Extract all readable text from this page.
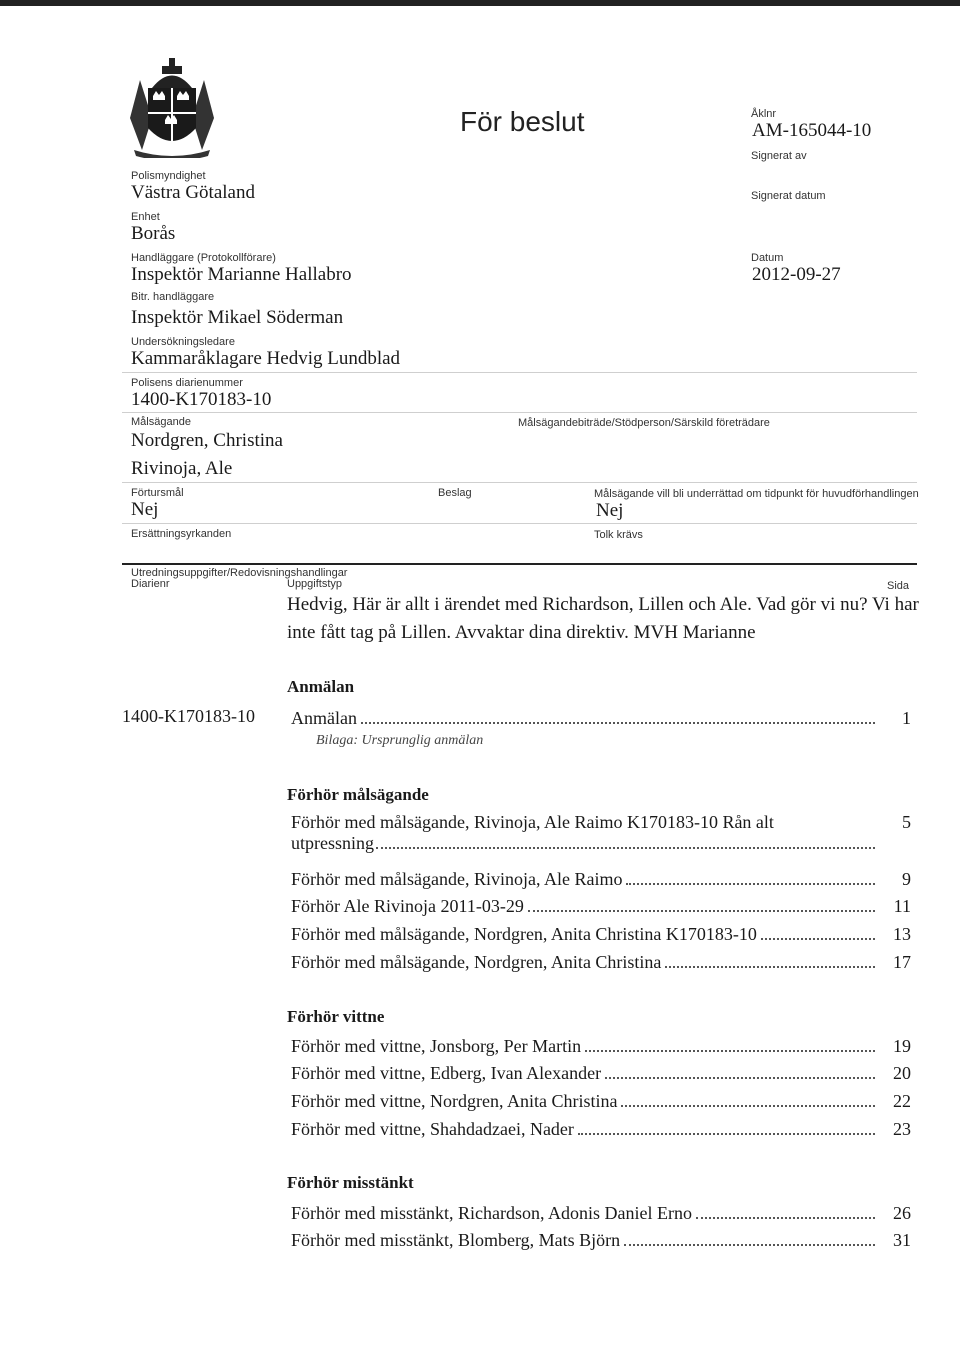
För beslut
Polismyndighet
Västra Götaland
Enhet
Borås
Handläggare (Protokollförare)
Inspektör Marianne Hallabro
Bitr. handläggare
Inspektör Mikael Söderman
Undersökningsledare
Kammaråklagare Hedvig Lundblad
Polisens diarienummer
1400-K170183-10
Målsägande
Nordgren, Christina
Rivinoja, Ale
Målsägandebiträde/Stödperson/Särskild företrädare
Förtursmål
Nej
Beslag	Målsägande vill bli underrättad om tidpunkt för huvudförhandlingen
Nej
Ersättningsyrkanden	Tolk krävs
Åklnr
AM-165044-10
Signerat av
Signerat datum
Datum
2012-09-27
Utredningsuppgifter/Redovisningshandlingar
Diarienr	Uppgiftstyp	Sida
Hedvig, Här är allt i ärendet med Richardson, Lillen och Ale. Vad gör vi nu? Vi har
inte fått tag på Lillen. Avvaktar dina direktiv. MVH Marianne
1400-K170183-10
Anmälan
Anmälan	1
Bilaga: Ursprunglig anmälan
Förhör målsägande
Förhör med målsägande, Rivinoja, Ale Raimo K170183-10 Rån alt	5
utpressning
Förhör med målsägande, Rivinoja, Ale Raimo	9
Förhör Ale Rivinoja 2011-03-29	11
Förhör med målsägande, Nordgren, Anita Christina K170183-10	13
Förhör med målsägande, Nordgren, Anita Christina	17
Förhör vittne
Förhör med vittne, Jonsborg, Per Martin	19
Förhör med vittne, Edberg, Ivan Alexander	20
Förhör med vittne, Nordgren, Anita Christina	22
Förhör med vittne, Shahdadzaei, Nader	23
Förhör misstänkt
Förhör med misstänkt, Richardson, Adonis Daniel Erno	26
Förhör med misstänkt, Blomberg, Mats Björn	31
